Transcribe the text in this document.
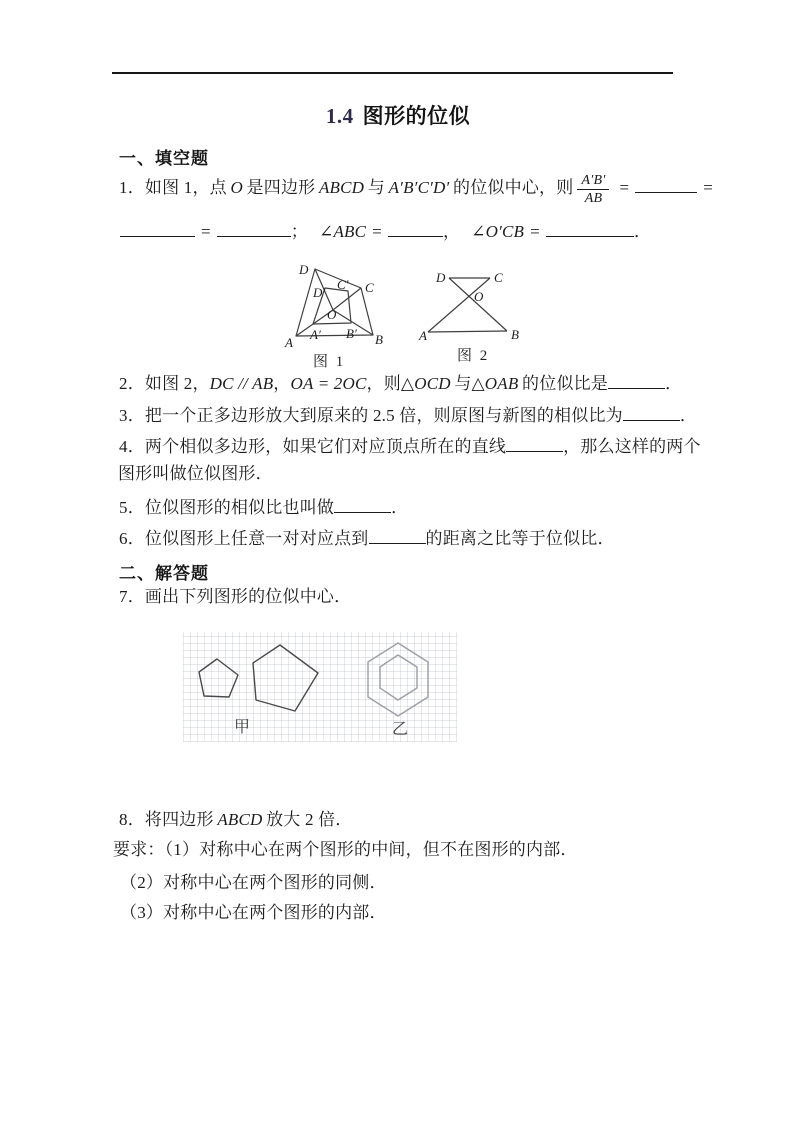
1.4 图形的位似
一、填空题
1．如图 1，点 O 是四边形 ABCD 与 A′B′C′D′ 的位似中心，则 $\frac{A'B'}{AB}$ =	=
=	； ∠ABC =	， ∠O′CB =	．
A	B
C
D
O
A′ B′
C′
D′
图 1
D	C
A	B
O
图 2
2．如图 2，DC // AB，OA = 2OC，则△OCD 与△OAB 的位似比是	．
3．把一个正多边形放大到原来的 2.5 倍，则原图与新图的相似比为	．
4．两个相似多边形，如果它们对应顶点所在的直线	，那么这样的两个
图形叫做位似图形．
5．位似图形的相似比也叫做	．
6．位似图形上任意一对对应点到	的距离之比等于位似比．
二、解答题
7．画出下列图形的位似中心．
甲	乙
8．将四边形 ABCD 放大 2 倍．
要求：（1）对称中心在两个图形的中间，但不在图形的内部．
（2）对称中心在两个图形的同侧．
（3）对称中心在两个图形的内部．
